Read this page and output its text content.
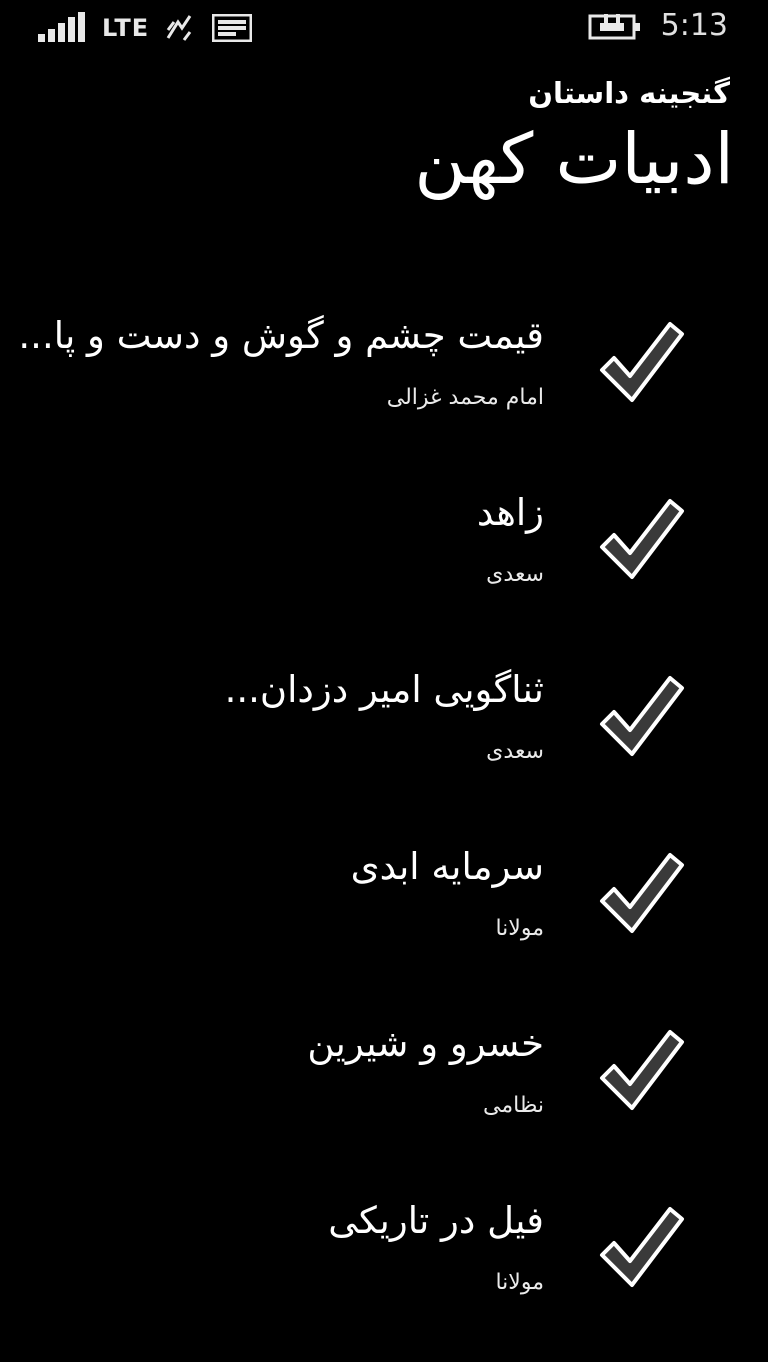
LTE	5:13
گنجینه داستان
ادبیات کهن
قیمت چشم و گوش و دست و پا...
امام محمد غزالی
زاهد
سعدی
ثناگویی امیر دزدان...
سعدی
سرمایه ابدی
مولانا
خسرو و شیرین
نظامی
فیل در تاریکی
مولانا
